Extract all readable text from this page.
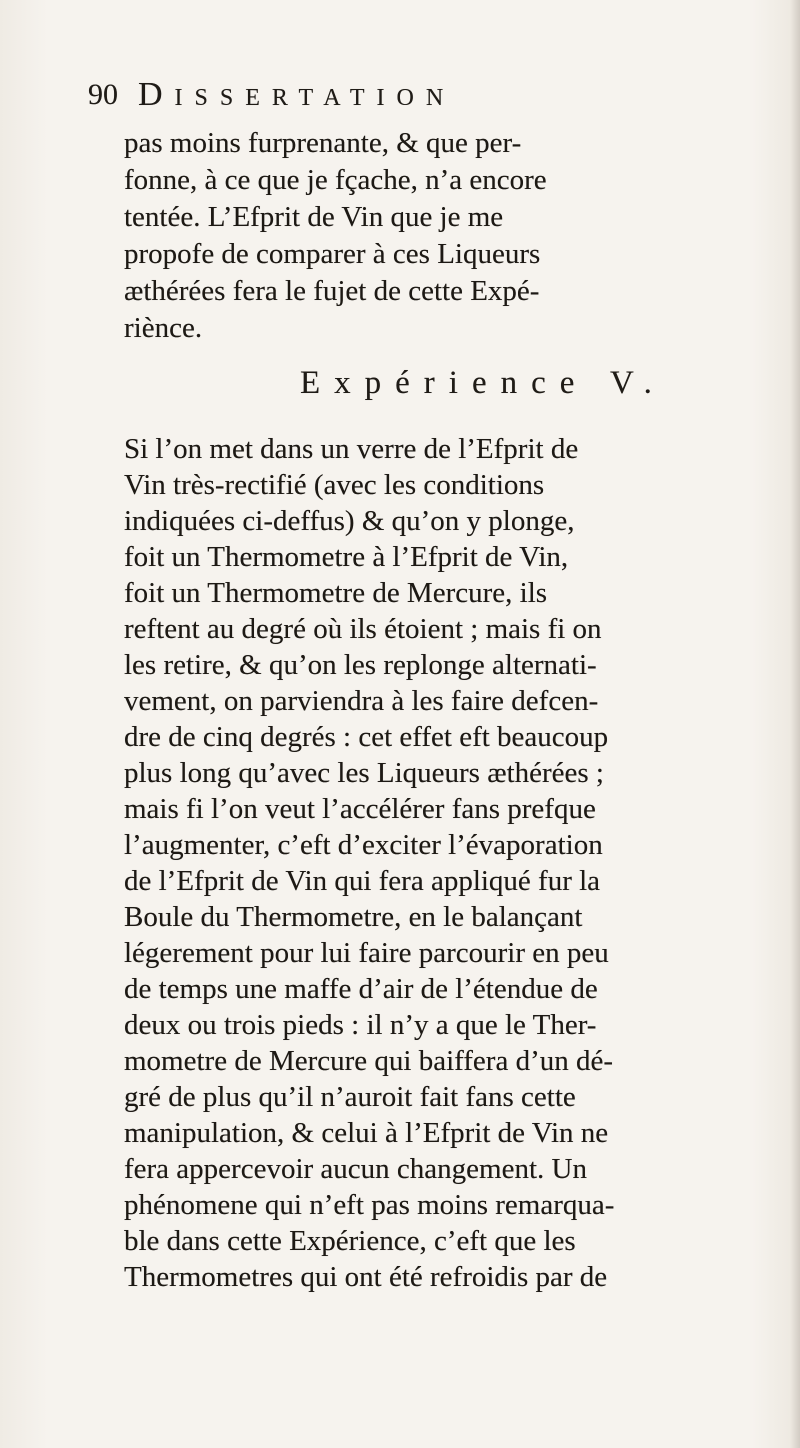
90 Dissertation
pas moins furprenante, & que per-
fonne, à ce que je fçache, n’a encore
tentée. L’Efprit de Vin que je me
propofe de comparer à ces Liqueurs
æthérées fera le fujet de cette Expé-
riènce.
Expérience V.
Si l’on met dans un verre de l’Efprit de
Vin très-rectifié (avec les conditions
indiquées ci-deffus) & qu’on y plonge,
foit un Thermometre à l’Efprit de Vin,
foit un Thermometre de Mercure, ils
reftent au degré où ils étoient ; mais fi on
les retire, & qu’on les replonge alternati-
vement, on parviendra à les faire defcen-
dre de cinq degrés : cet effet eft beaucoup
plus long qu’avec les Liqueurs æthérées ;
mais fi l’on veut l’accélérer fans prefque
l’augmenter, c’eft d’exciter l’évaporation
de l’Efprit de Vin qui fera appliqué fur la
Boule du Thermometre, en le balançant
légerement pour lui faire parcourir en peu
de temps une maffe d’air de l’étendue de
deux ou trois pieds : il n’y a que le Ther-
mometre de Mercure qui baiffera d’un dé-
gré de plus qu’il n’auroit fait fans cette
manipulation, & celui à l’Efprit de Vin ne
fera appercevoir aucun changement. Un
phénomene qui n’eft pas moins remarqua-
ble dans cette Expérience, c’eft que les
Thermometres qui ont été refroidis par de
